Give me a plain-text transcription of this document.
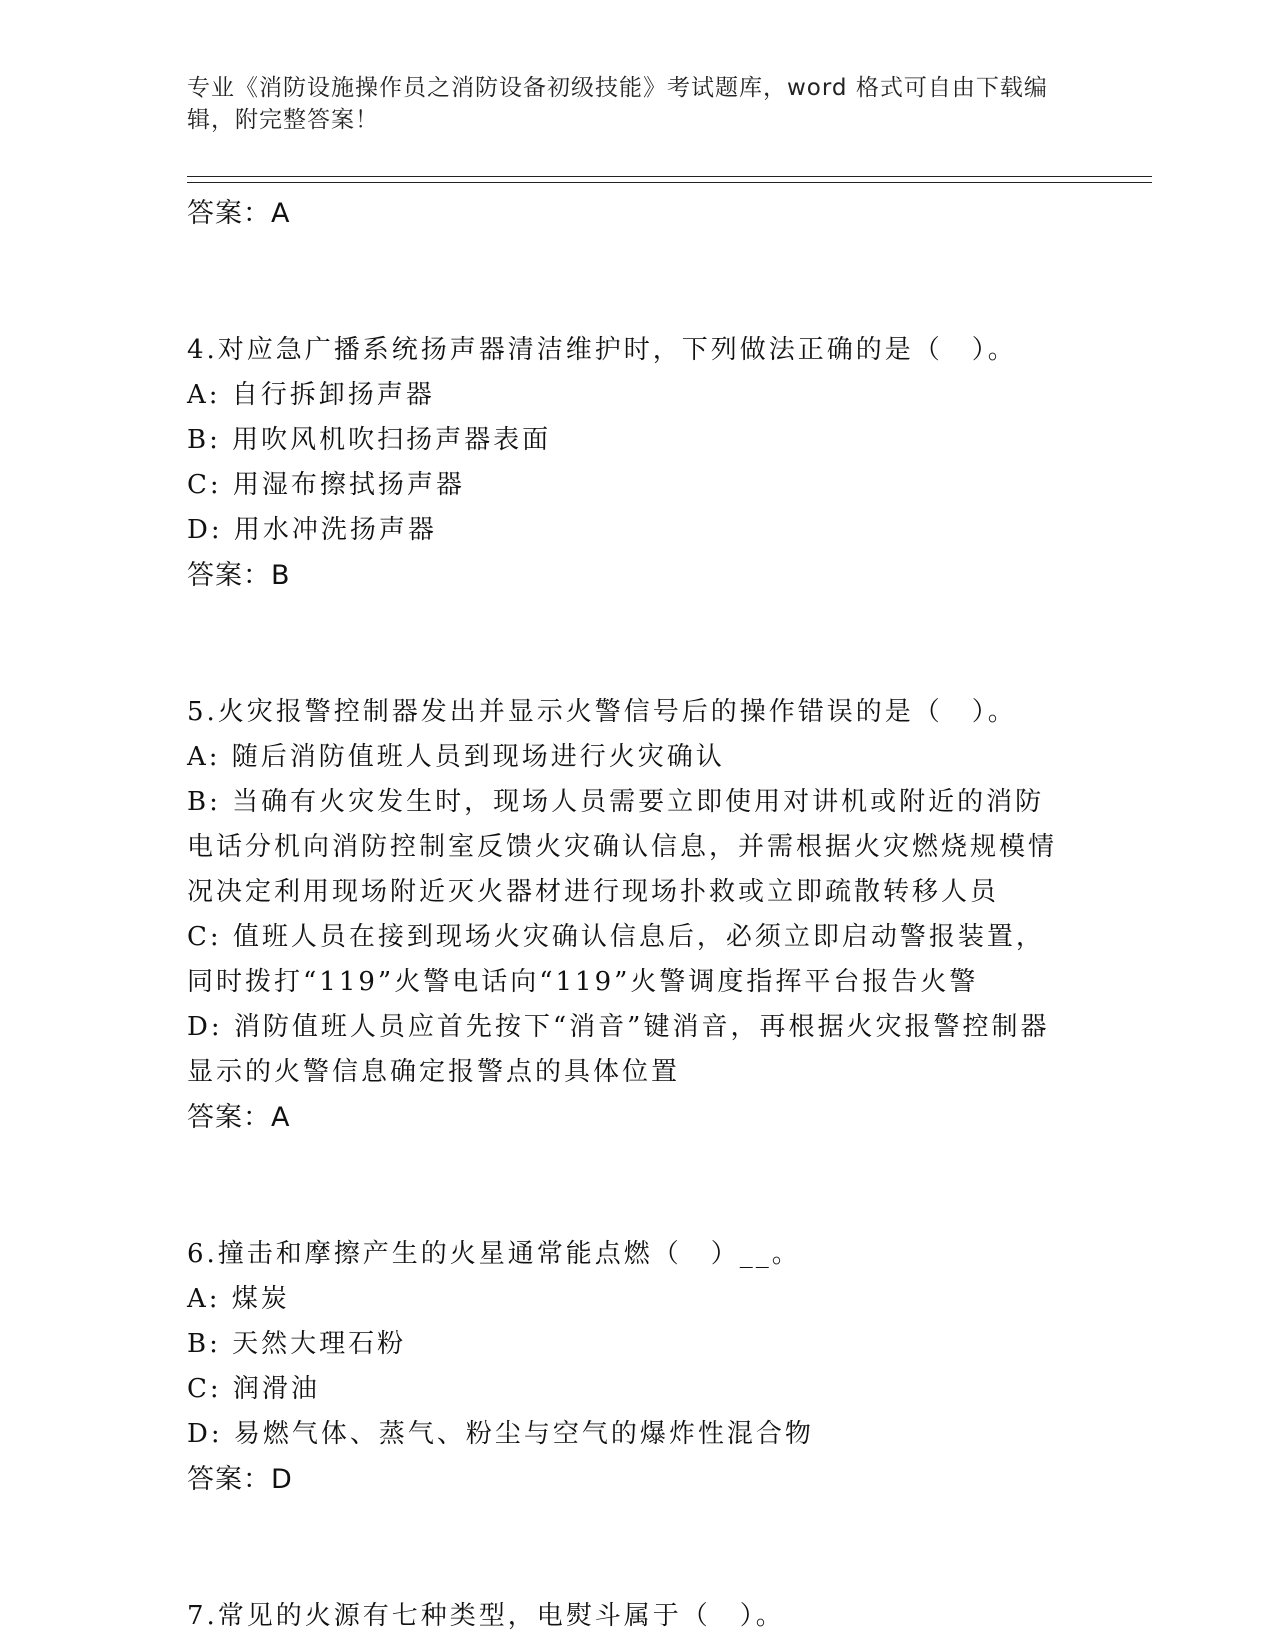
专业《消防设施操作员之消防设备初级技能》考试题库，word 格式可自由下载编辑，附完整答案！
答案：A
4.对应急广播系统扬声器清洁维护时，下列做法正确的是（　）。
A: 自行拆卸扬声器
B: 用吹风机吹扫扬声器表面
C: 用湿布擦拭扬声器
D: 用水冲洗扬声器
答案：B
5.火灾报警控制器发出并显示火警信号后的操作错误的是（　）。
A: 随后消防值班人员到现场进行火灾确认
B: 当确有火灾发生时，现场人员需要立即使用对讲机或附近的消防电话分机向消防控制室反馈火灾确认信息，并需根据火灾燃烧规模情况决定利用现场附近灭火器材进行现场扑救或立即疏散转移人员
C: 值班人员在接到现场火灾确认信息后，必须立即启动警报装置，同时拨打“119”火警电话向“119”火警调度指挥平台报告火警
D: 消防值班人员应首先按下“消音”键消音，再根据火灾报警控制器显示的火警信息确定报警点的具体位置
答案：A
6.撞击和摩擦产生的火星通常能点燃（　）__。
A: 煤炭
B: 天然大理石粉
C: 润滑油
D: 易燃气体、蒸气、粉尘与空气的爆炸性混合物
答案：D
7.常见的火源有七种类型，电熨斗属于（　）。
